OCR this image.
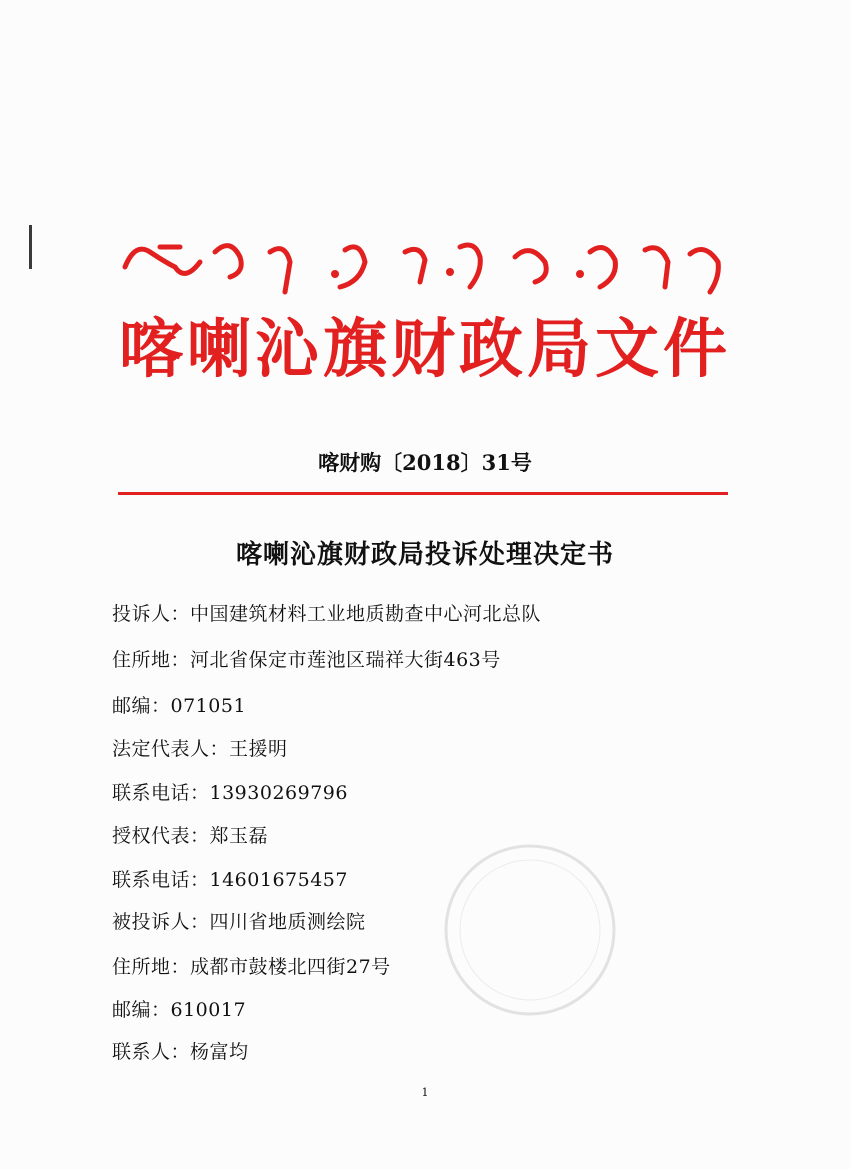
喀喇沁旗财政局文件
喀财购〔2018〕31号
喀喇沁旗财政局投诉处理决定书
投诉人：中国建筑材料工业地质勘查中心河北总队
住所地：河北省保定市莲池区瑞祥大街463号
邮编：071051
法定代表人：王援明
联系电话：13930269796
授权代表：郑玉磊
联系电话：14601675457
被投诉人：四川省地质测绘院
住所地：成都市鼓楼北四街27号
邮编：610017
联系人：杨富均
1
